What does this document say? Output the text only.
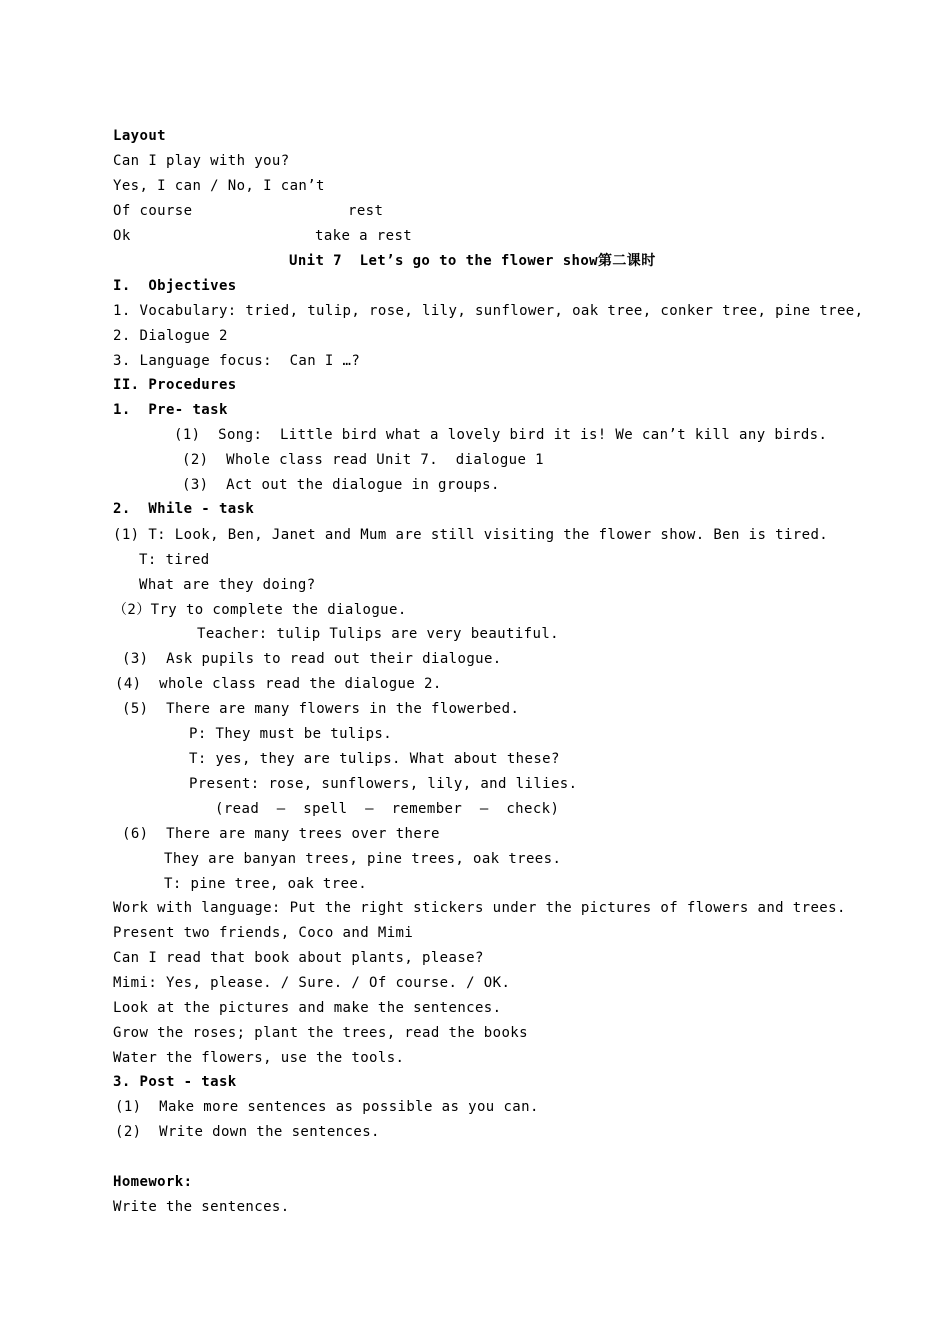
Layout
Can I play with you?
Yes, I can / No, I can’t
Of course	rest
Ok	take a rest
Unit 7  Let’s go to the flower show第二课时
I.  Objectives
1. Vocabulary: tried, tulip, rose, lily, sunflower, oak tree, conker tree, pine tree,
2. Dialogue 2
3. Language focus:  Can I …?
II. Procedures
1.  Pre- task
(1)  Song:  Little bird what a lovely bird it is! We can’t kill any birds.
(2)  Whole class read Unit 7.  dialogue 1
(3)  Act out the dialogue in groups.
2.  While - task
(1) T: Look, Ben, Janet and Mum are still visiting the flower show. Ben is tired.
T: tired
What are they doing?
（2）Try to complete the dialogue.
Teacher: tulip Tulips are very beautiful.
(3)  Ask pupils to read out their dialogue.
(4)  whole class read the dialogue 2.
(5)  There are many flowers in the flowerbed.
P: They must be tulips.
T: yes, they are tulips. What about these?
Present: rose, sunflowers, lily, and lilies.
(read  –  spell  –  remember  –  check)
(6)  There are many trees over there
They are banyan trees, pine trees, oak trees.
T: pine tree, oak tree.
Work with language: Put the right stickers under the pictures of flowers and trees.
Present two friends, Coco and Mimi
Can I read that book about plants, please?
Mimi: Yes, please. / Sure. / Of course. / OK.
Look at the pictures and make the sentences.
Grow the roses; plant the trees, read the books
Water the flowers, use the tools.
3. Post - task
(1)  Make more sentences as possible as you can.
(2)  Write down the sentences.
Homework:
Write the sentences.
